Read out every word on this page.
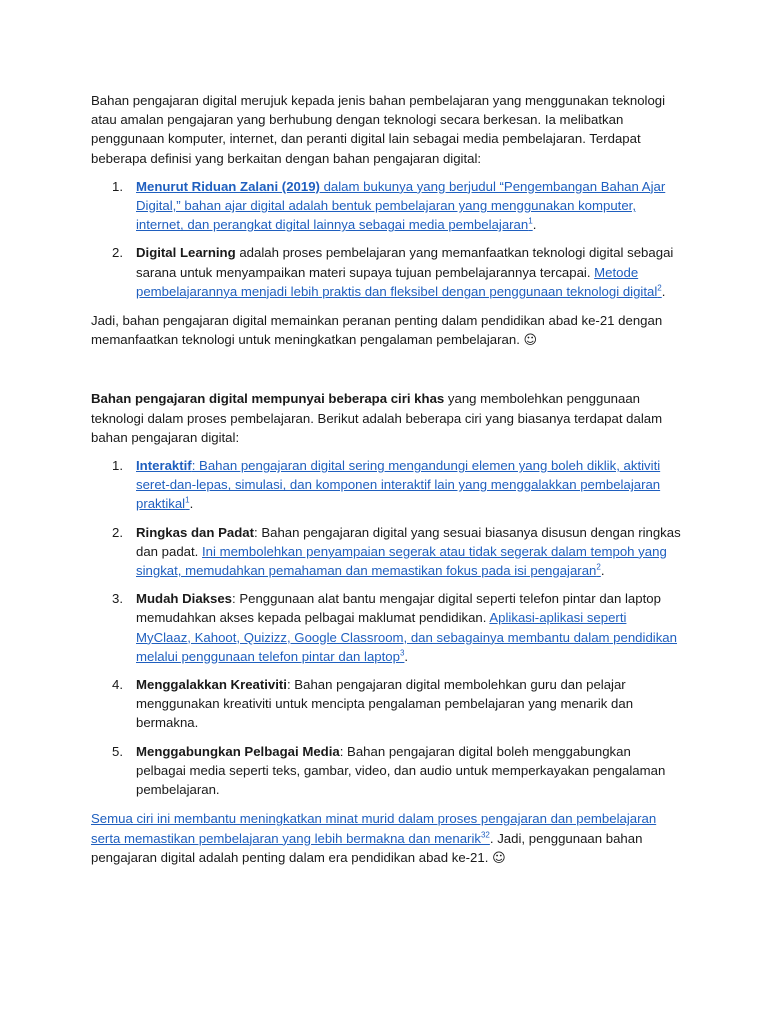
Bahan pengajaran digital merujuk kepada jenis bahan pembelajaran yang menggunakan teknologi atau amalan pengajaran yang berhubung dengan teknologi secara berkesan. Ia melibatkan penggunaan komputer, internet, dan peranti digital lain sebagai media pembelajaran. Terdapat beberapa definisi yang berkaitan dengan bahan pengajaran digital:

1. Menurut Riduan Zalani (2019) dalam bukunya yang berjudul “Pengembangan Bahan Ajar Digital,” bahan ajar digital adalah bentuk pembelajaran yang menggunakan komputer, internet, dan perangkat digital lainnya sebagai media pembelajaran$^1$.
2. Digital Learning adalah proses pembelajaran yang memanfaatkan teknologi digital sebagai sarana untuk menyampaikan materi supaya tujuan pembelajarannya tercapai. Metode pembelajarannya menjadi lebih praktis dan fleksibel dengan penggunaan teknologi digital$^2$.

Jadi, bahan pengajaran digital memainkan peranan penting dalam pendidikan abad ke-21 dengan memanfaatkan teknologi untuk meningkatkan pengalaman pembelajaran. ☺

Bahan pengajaran digital mempunyai beberapa ciri khas yang membolehkan penggunaan teknologi dalam proses pembelajaran. Berikut adalah beberapa ciri yang biasanya terdapat dalam bahan pengajaran digital:

1. Interaktif: Bahan pengajaran digital sering mengandungi elemen yang boleh diklik, aktiviti seret-dan-lepas, simulasi, dan komponen interaktif lain yang menggalakkan pembelajaran praktikal$^1$.
2. Ringkas dan Padat: Bahan pengajaran digital yang sesuai biasanya disusun dengan ringkas dan padat. Ini membolehkan penyampaian segerak atau tidak segerak dalam tempoh yang singkat, memudahkan pemahaman dan memastikan fokus pada isi pengajaran$^2$.
3. Mudah Diakses: Penggunaan alat bantu mengajar digital seperti telefon pintar dan laptop memudahkan akses kepada pelbagai maklumat pendidikan. Aplikasi-aplikasi seperti MyClaaz, Kahoot, Quizizz, Google Classroom, dan sebagainya membantu dalam pendidikan melalui penggunaan telefon pintar dan laptop$^3$.
4. Menggalakkan Kreativiti: Bahan pengajaran digital membolehkan guru dan pelajar menggunakan kreativiti untuk mencipta pengalaman pembelajaran yang menarik dan bermakna.
5. Menggabungkan Pelbagai Media: Bahan pengajaran digital boleh menggabungkan pelbagai media seperti teks, gambar, video, dan audio untuk memperkayakan pengalaman pembelajaran.

Semua ciri ini membantu meningkatkan minat murid dalam proses pengajaran dan pembelajaran serta memastikan pembelajaran yang lebih bermakna dan menarik$^{32}$. Jadi, penggunaan bahan pengajaran digital adalah penting dalam era pendidikan abad ke-21. ☺
